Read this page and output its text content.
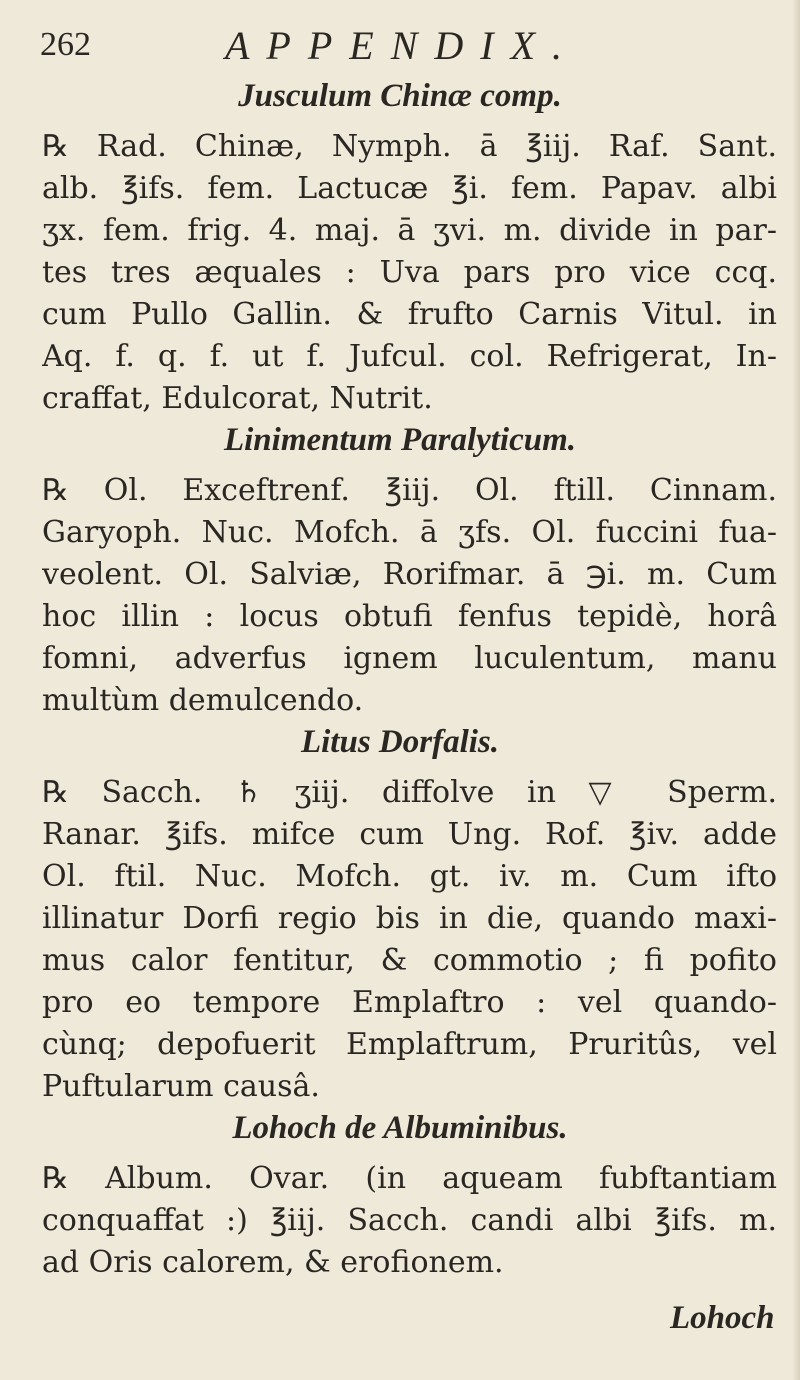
262	APPENDIX.
Jusculum Chinæ comp.
℞ Rad. Chinæ, Nymph. ā ℥iij. Raf. Sant.
alb. ℥ifs. fem. Lactucæ ℥i. fem. Papav. albi
ʒx. fem. frig. 4. maj. ā ʒvi. m. divide in par-
tes tres æquales : Uva pars pro vice ccq.
cum Pullo Gallin. & frufto Carnis Vitul. in
Aq. f. q. f. ut f. Jufcul. col. Refrigerat, In-
craffat, Edulcorat, Nutrit.
Linimentum Paralyticum.
℞ Ol. Exceftrenf. ℥iij. Ol. ftill. Cinnam.
Garyoph. Nuc. Mofch. ā ʒfs. Ol. fuccini fua-
veolent. Ol. Salviæ, Rorifmar. ā ℈i. m. Cum
hoc illin : locus obtufi fenfus tepidè, horâ
fomni, adverfus ignem luculentum, manu
multùm demulcendo.
Litus Dorfalis.
℞ Sacch. ♄ ʒiij. diffolve in ▽ Sperm.
Ranar. ℥ifs. mifce cum Ung. Rof. ℥iv. adde
Ol. ftil. Nuc. Mofch. gt. iv. m. Cum ifto
illinatur Dorfi regio bis in die, quando maxi-
mus calor fentitur, & commotio ; fi pofito
pro eo tempore Emplaftro : vel quando-
cùnq; depofuerit Emplaftrum, Pruritûs, vel
Puftularum causâ.
Lohoch de Albuminibus.
℞ Album. Ovar. (in aqueam fubftantiam
conquaffat :) ℥iij. Sacch. candi albi ℥ifs. m.
ad Oris calorem, & erofionem.
Lohoch
